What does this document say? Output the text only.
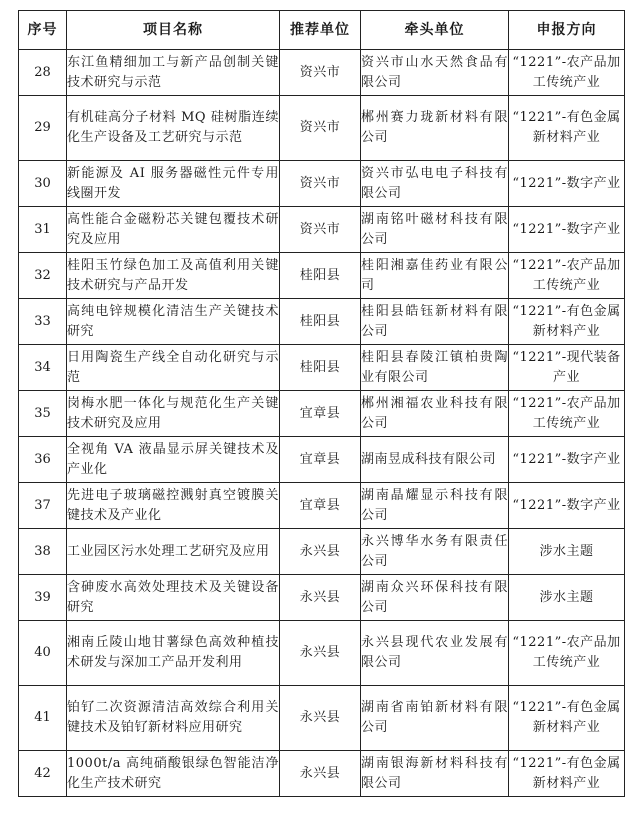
序号	项目名称	推荐单位	牵头单位	申报方向
28	东江鱼精细加工与新产品创制关键技术研究与示范	资兴市	资兴市山水天然食品有限公司	“1221”-农产品加工传统产业
29	有机硅高分子材料 MQ 硅树脂连续化生产设备及工艺研究与示范	资兴市	郴州赛力珑新材料有限公司	“1221”-有色金属新材料产业
30	新能源及 AI 服务器磁性元件专用线圈开发	资兴市	资兴市弘电电子科技有限公司	“1221”-数字产业
31	高性能合金磁粉芯关键包覆技术研究及应用	资兴市	湖南铭叶磁材科技有限公司	“1221”-数字产业
32	桂阳玉竹绿色加工及高值利用关键技术研究与产品开发	桂阳县	桂阳湘嘉佳药业有限公司	“1221”-农产品加工传统产业
33	高纯电锌规模化清洁生产关键技术研究	桂阳县	桂阳县皓钰新材料有限公司	“1221”-有色金属新材料产业
34	日用陶瓷生产线全自动化研究与示范	桂阳县	桂阳县春陵江镇柏贵陶业有限公司	“1221”-现代装备产业
35	岗梅水肥一体化与规范化生产关键技术研究及应用	宜章县	郴州湘福农业科技有限公司	“1221”-农产品加工传统产业
36	全视角 VA 液晶显示屏关键技术及产业化	宜章县	湖南昱成科技有限公司	“1221”-数字产业
37	先进电子玻璃磁控溅射真空镀膜关键技术及产业化	宜章县	湖南晶耀显示科技有限公司	“1221”-数字产业
38	工业园区污水处理工艺研究及应用	永兴县	永兴博华水务有限责任公司	涉水主题
39	含砷废水高效处理技术及关键设备研究	永兴县	湖南众兴环保科技有限公司	涉水主题
40	湘南丘陵山地甘薯绿色高效种植技术研发与深加工产品开发利用	永兴县	永兴县现代农业发展有限公司	“1221”-农产品加工传统产业
41	铂钌二次资源清洁高效综合利用关键技术及铂钌新材料应用研究	永兴县	湖南省南铂新材料有限公司	“1221”-有色金属新材料产业
42	1000t/a 高纯硝酸银绿色智能洁净化生产技术研究	永兴县	湖南银海新材料科技有限公司	“1221”-有色金属新材料产业
